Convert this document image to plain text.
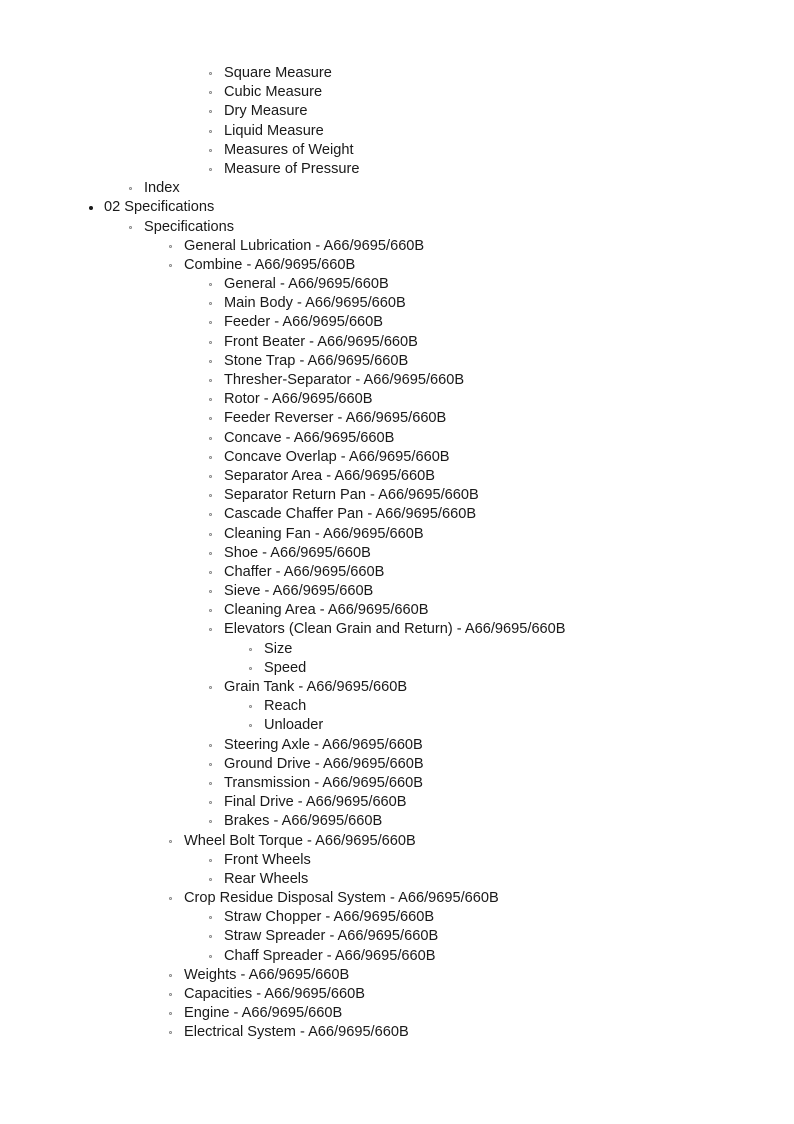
Square Measure
Cubic Measure
Dry Measure
Liquid Measure
Measures of Weight
Measure of Pressure
Index
02 Specifications
Specifications
General Lubrication - A66/9695/660B
Combine - A66/9695/660B
General - A66/9695/660B
Main Body - A66/9695/660B
Feeder - A66/9695/660B
Front Beater - A66/9695/660B
Stone Trap - A66/9695/660B
Thresher-Separator - A66/9695/660B
Rotor - A66/9695/660B
Feeder Reverser - A66/9695/660B
Concave - A66/9695/660B
Concave Overlap - A66/9695/660B
Separator Area - A66/9695/660B
Separator Return Pan - A66/9695/660B
Cascade Chaffer Pan - A66/9695/660B
Cleaning Fan - A66/9695/660B
Shoe - A66/9695/660B
Chaffer - A66/9695/660B
Sieve - A66/9695/660B
Cleaning Area - A66/9695/660B
Elevators (Clean Grain and Return) - A66/9695/660B
Size
Speed
Grain Tank - A66/9695/660B
Reach
Unloader
Steering Axle - A66/9695/660B
Ground Drive - A66/9695/660B
Transmission - A66/9695/660B
Final Drive - A66/9695/660B
Brakes - A66/9695/660B
Wheel Bolt Torque - A66/9695/660B
Front Wheels
Rear Wheels
Crop Residue Disposal System - A66/9695/660B
Straw Chopper - A66/9695/660B
Straw Spreader - A66/9695/660B
Chaff Spreader - A66/9695/660B
Weights - A66/9695/660B
Capacities - A66/9695/660B
Engine - A66/9695/660B
Electrical System - A66/9695/660B
